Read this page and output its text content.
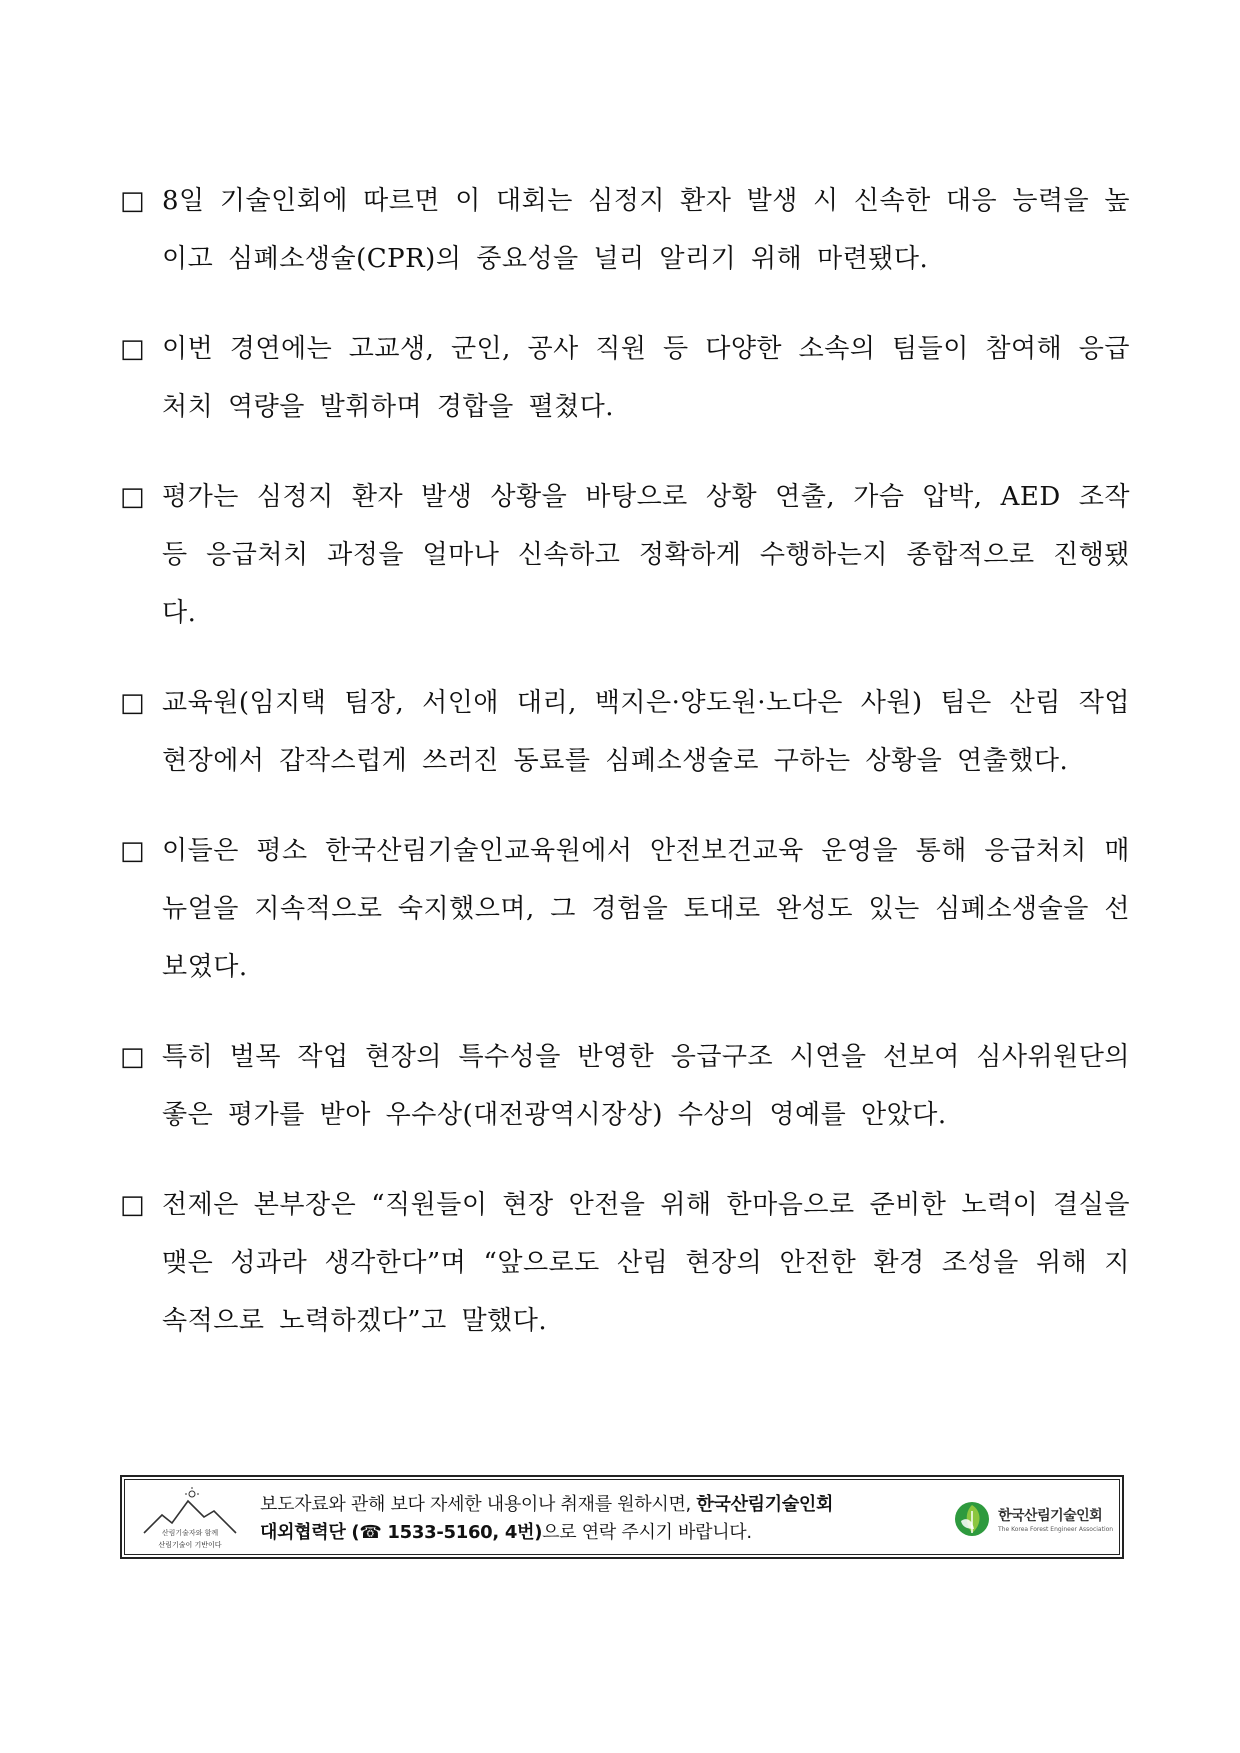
□ 8일 기술인회에 따르면 이 대회는 심정지 환자 발생 시 신속한 대응 능력을 높이고 심폐소생술(CPR)의 중요성을 널리 알리기 위해 마련됐다.
□ 이번 경연에는 고교생, 군인, 공사 직원 등 다양한 소속의 팀들이 참여해 응급처치 역량을 발휘하며 경합을 펼쳤다.
□ 평가는 심정지 환자 발생 상황을 바탕으로 상황 연출, 가슴 압박, AED 조작 등 응급처치 과정을 얼마나 신속하고 정확하게 수행하는지 종합적으로 진행됐다.
□ 교육원(임지택 팀장, 서인애 대리, 백지은·양도원·노다은 사원) 팀은 산림 작업 현장에서 갑작스럽게 쓰러진 동료를 심폐소생술로 구하는 상황을 연출했다.
□ 이들은 평소 한국산림기술인교육원에서 안전보건교육 운영을 통해 응급처치 매뉴얼을 지속적으로 숙지했으며, 그 경험을 토대로 완성도 있는 심폐소생술을 선보였다.
□ 특히 벌목 작업 현장의 특수성을 반영한 응급구조 시연을 선보여 심사위원단의 좋은 평가를 받아 우수상(대전광역시장상) 수상의 영예를 안았다.
□ 전제은 본부장은 “직원들이 현장 안전을 위해 한마음으로 준비한 노력이 결실을 맺은 성과라 생각한다”며 “앞으로도 산림 현장의 안전한 환경 조성을 위해 지속적으로 노력하겠다”고 말했다.
산림기술자와 함께
산림기술이 기반이다
보도자료와 관해 보다 자세한 내용이나 취재를 원하시면, 한국산림기술인회
대외협력단 (☎ 1533-5160, 4번)으로 연락 주시기 바랍니다.
한국산림기술인회
The Korea Forest Engineer Association
